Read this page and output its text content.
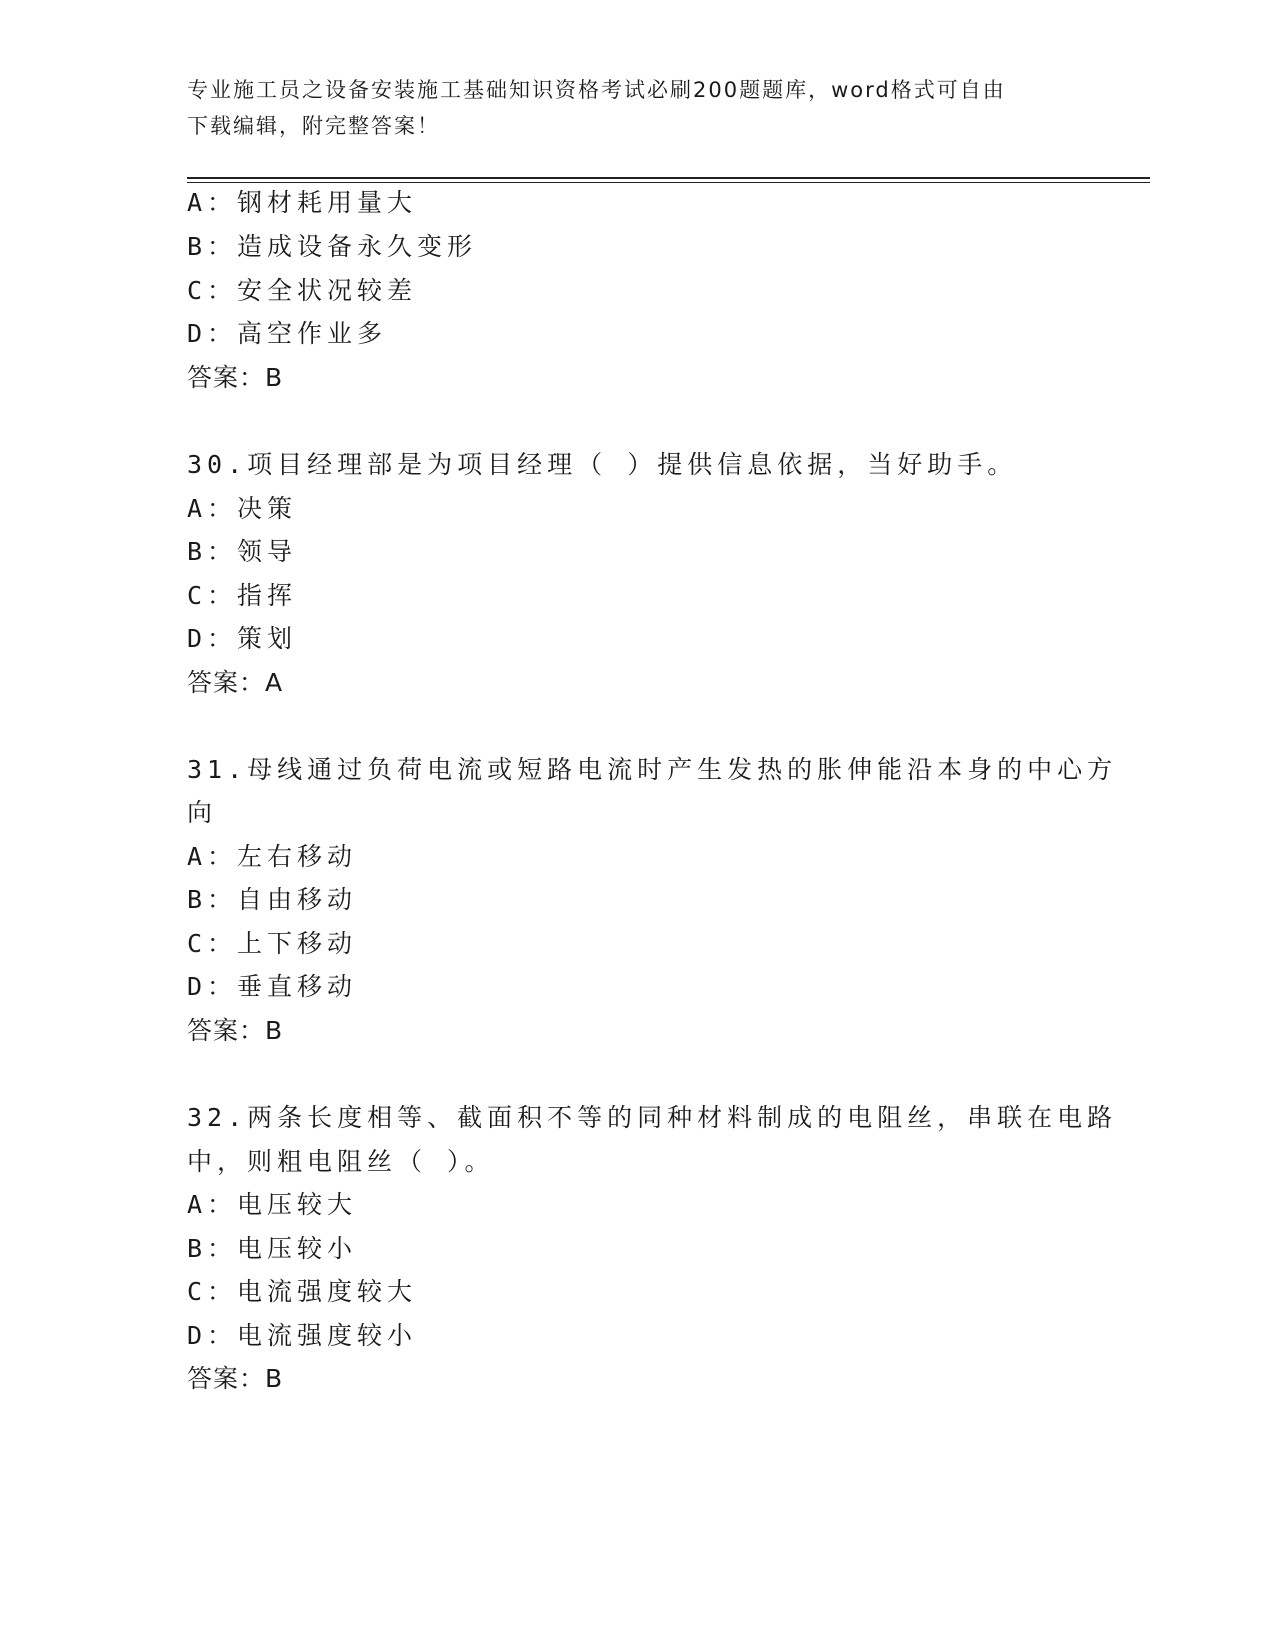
专业施工员之设备安装施工基础知识资格考试必刷200题题库，word格式可自由
下载编辑，附完整答案！
A：钢材耗用量大
B：造成设备永久变形
C：安全状况较差
D：高空作业多
答案：B
30.项目经理部是为项目经理（ ）提供信息依据，当好助手。
A：决策
B：领导
C：指挥
D：策划
答案：A
31.母线通过负荷电流或短路电流时产生发热的胀伸能沿本身的中心方
向
A：左右移动
B：自由移动
C：上下移动
D：垂直移动
答案：B
32.两条长度相等、截面积不等的同种材料制成的电阻丝，串联在电路
中，则粗电阻丝（ ）。
A：电压较大
B：电压较小
C：电流强度较大
D：电流强度较小
答案：B
